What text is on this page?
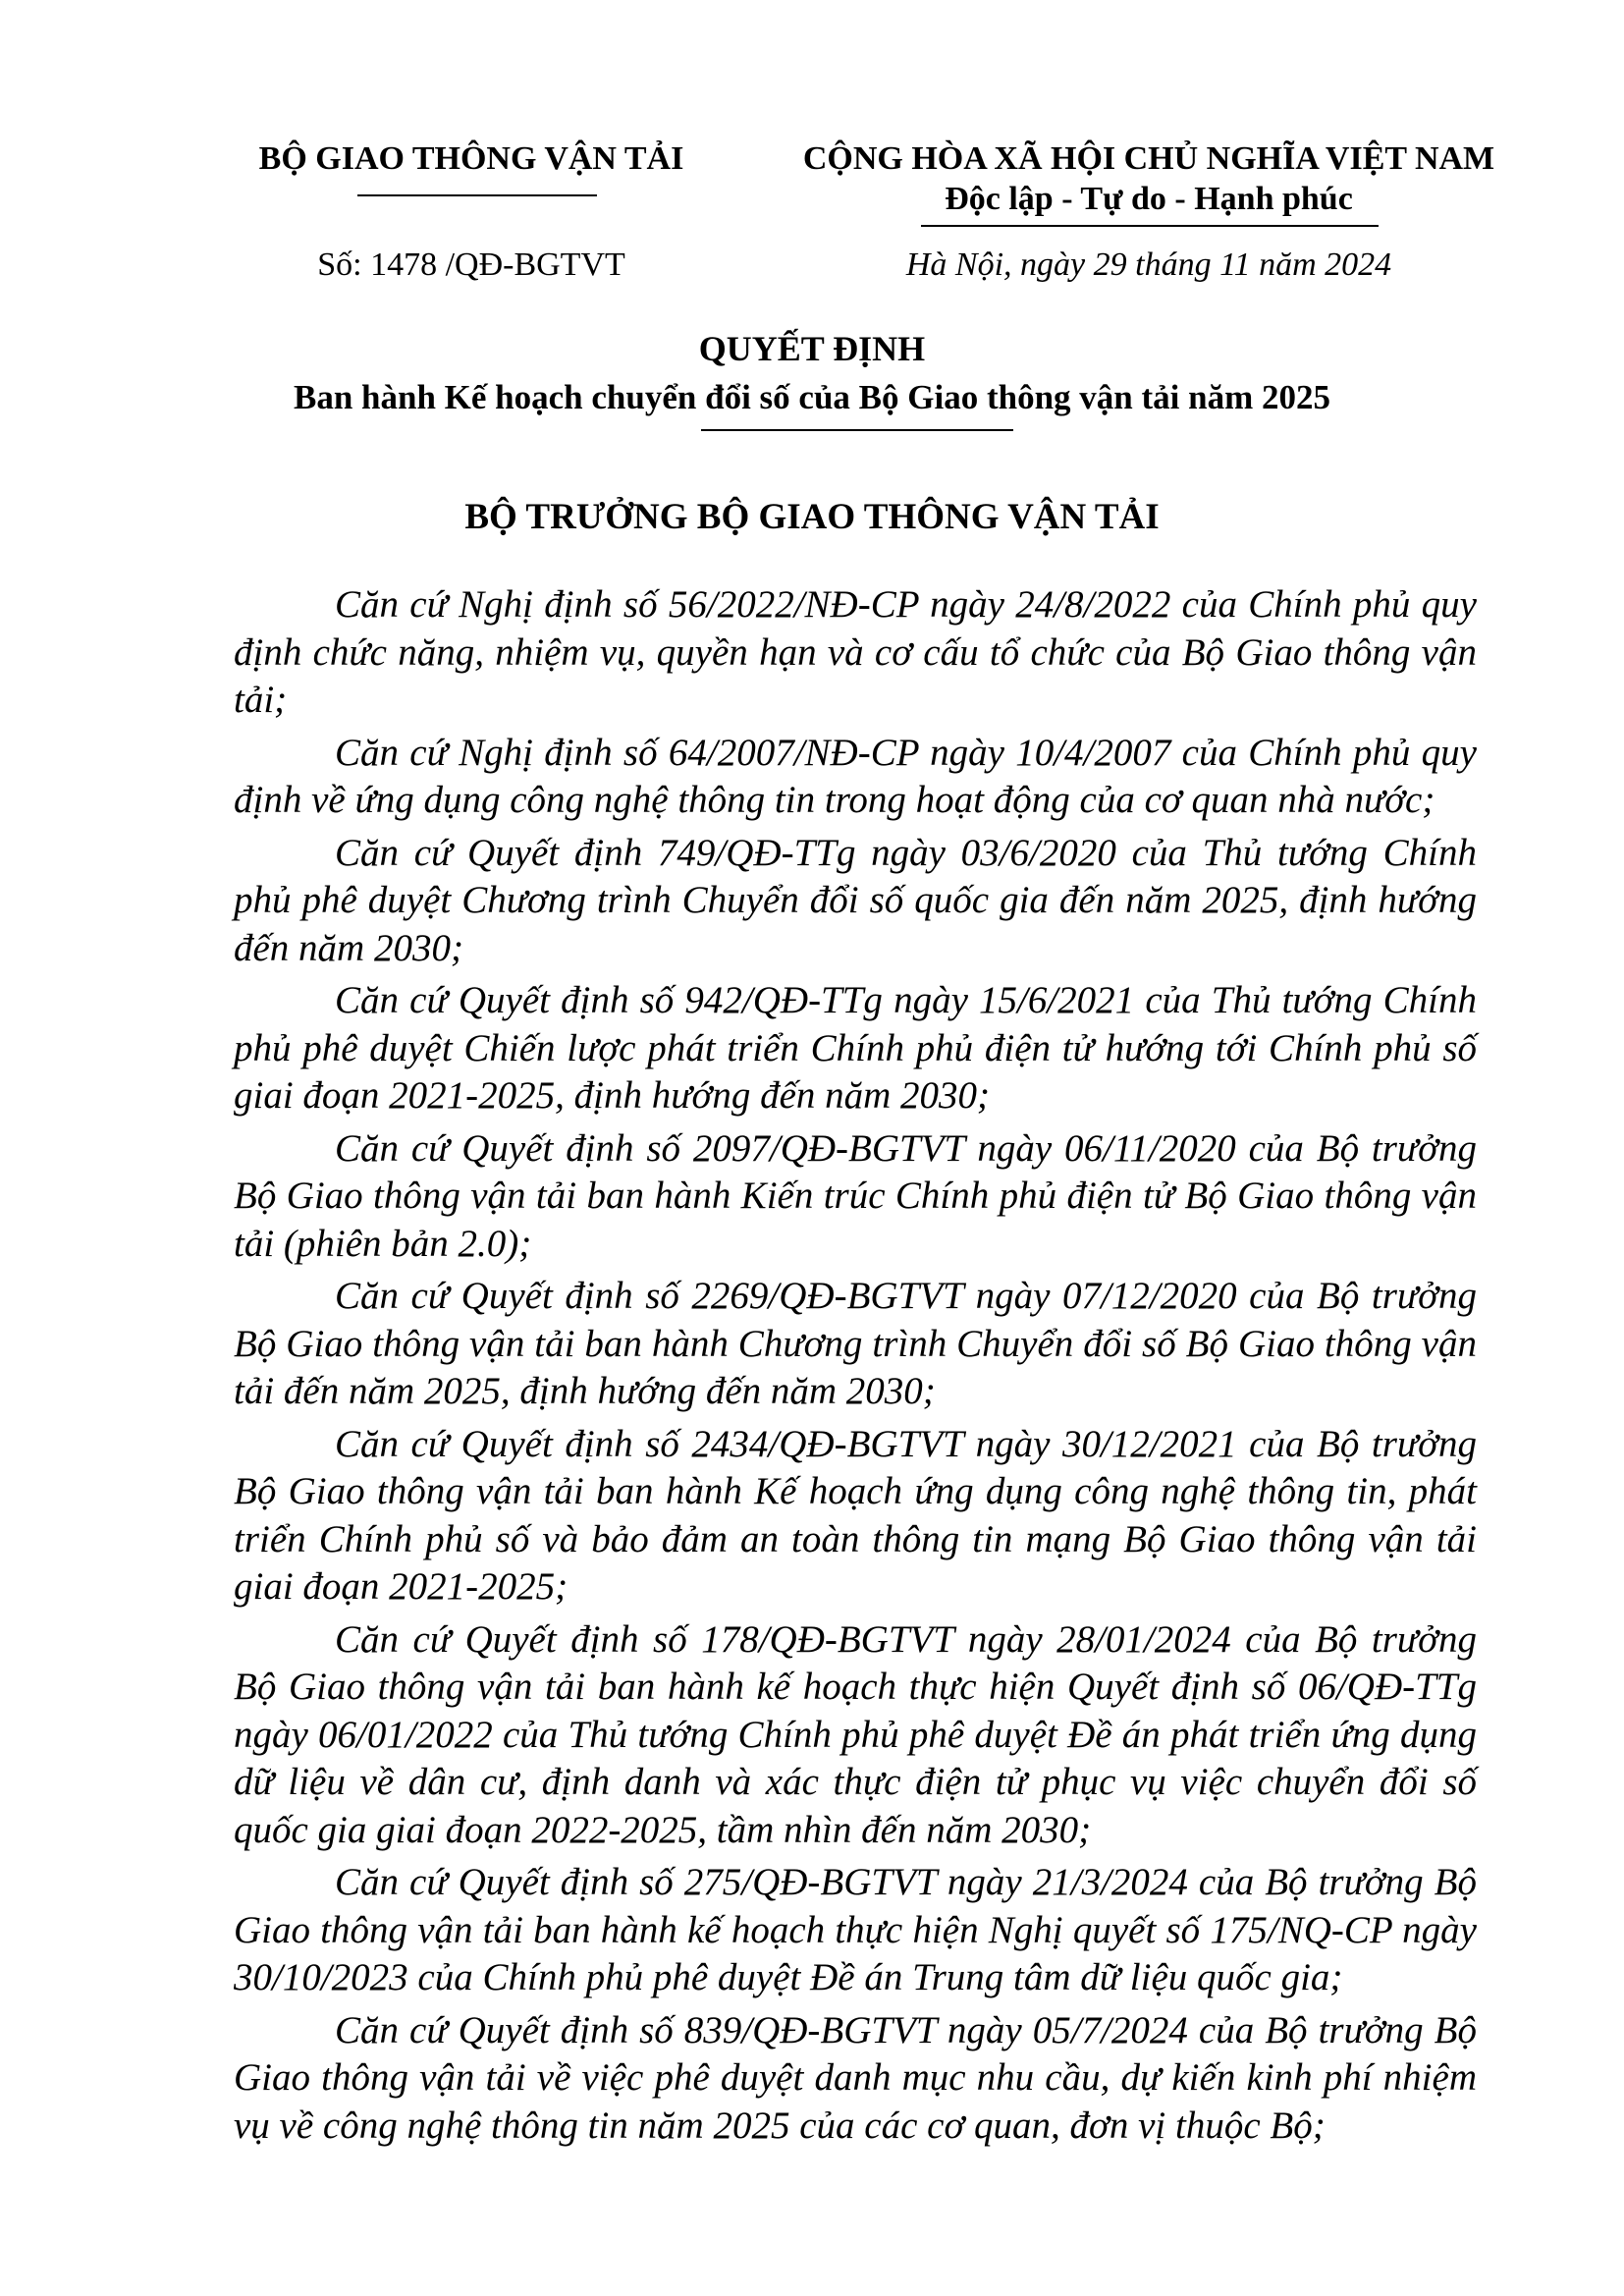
BỘ GIAO THÔNG VẬN TẢI
Số: 1478 /QĐ-BGTVT
CỘNG HÒA XÃ HỘI CHỦ NGHĨA VIỆT NAM
Độc lập - Tự do - Hạnh phúc
Hà Nội, ngày 29 tháng 11 năm 2024
QUYẾT ĐỊNH
Ban hành Kế hoạch chuyển đổi số của Bộ Giao thông vận tải năm 2025
BỘ TRƯỞNG BỘ GIAO THÔNG VẬN TẢI

Căn cứ Nghị định số 56/2022/NĐ-CP ngày 24/8/2022 của Chính phủ quy định chức năng, nhiệm vụ, quyền hạn và cơ cấu tổ chức của Bộ Giao thông vận tải;

Căn cứ Nghị định số 64/2007/NĐ-CP ngày 10/4/2007 của Chính phủ quy định về ứng dụng công nghệ thông tin trong hoạt động của cơ quan nhà nước;

Căn cứ Quyết định 749/QĐ-TTg ngày 03/6/2020 của Thủ tướng Chính phủ phê duyệt Chương trình Chuyển đổi số quốc gia đến năm 2025, định hướng đến năm 2030;

Căn cứ Quyết định số 942/QĐ-TTg ngày 15/6/2021 của Thủ tướng Chính phủ phê duyệt Chiến lược phát triển Chính phủ điện tử hướng tới Chính phủ số giai đoạn 2021-2025, định hướng đến năm 2030;

Căn cứ Quyết định số 2097/QĐ-BGTVT ngày 06/11/2020 của Bộ trưởng Bộ Giao thông vận tải ban hành Kiến trúc Chính phủ điện tử Bộ Giao thông vận tải (phiên bản 2.0);

Căn cứ Quyết định số 2269/QĐ-BGTVT ngày 07/12/2020 của Bộ trưởng Bộ Giao thông vận tải ban hành Chương trình Chuyển đổi số Bộ Giao thông vận tải đến năm 2025, định hướng đến năm 2030;

Căn cứ Quyết định số 2434/QĐ-BGTVT ngày 30/12/2021 của Bộ trưởng Bộ Giao thông vận tải ban hành Kế hoạch ứng dụng công nghệ thông tin, phát triển Chính phủ số và bảo đảm an toàn thông tin mạng Bộ Giao thông vận tải giai đoạn 2021-2025;

Căn cứ Quyết định số 178/QĐ-BGTVT ngày 28/01/2024 của Bộ trưởng Bộ Giao thông vận tải ban hành kế hoạch thực hiện Quyết định số 06/QĐ-TTg ngày 06/01/2022 của Thủ tướng Chính phủ phê duyệt Đề án phát triển ứng dụng dữ liệu về dân cư, định danh và xác thực điện tử phục vụ việc chuyển đổi số quốc gia giai đoạn 2022-2025, tầm nhìn đến năm 2030;

Căn cứ Quyết định số 275/QĐ-BGTVT ngày 21/3/2024 của Bộ trưởng Bộ Giao thông vận tải ban hành kế hoạch thực hiện Nghị quyết số 175/NQ-CP ngày 30/10/2023 của Chính phủ phê duyệt Đề án Trung tâm dữ liệu quốc gia;

Căn cứ Quyết định số 839/QĐ-BGTVT ngày 05/7/2024 của Bộ trưởng Bộ Giao thông vận tải về việc phê duyệt danh mục nhu cầu, dự kiến kinh phí nhiệm vụ về công nghệ thông tin năm 2025 của các cơ quan, đơn vị thuộc Bộ;
